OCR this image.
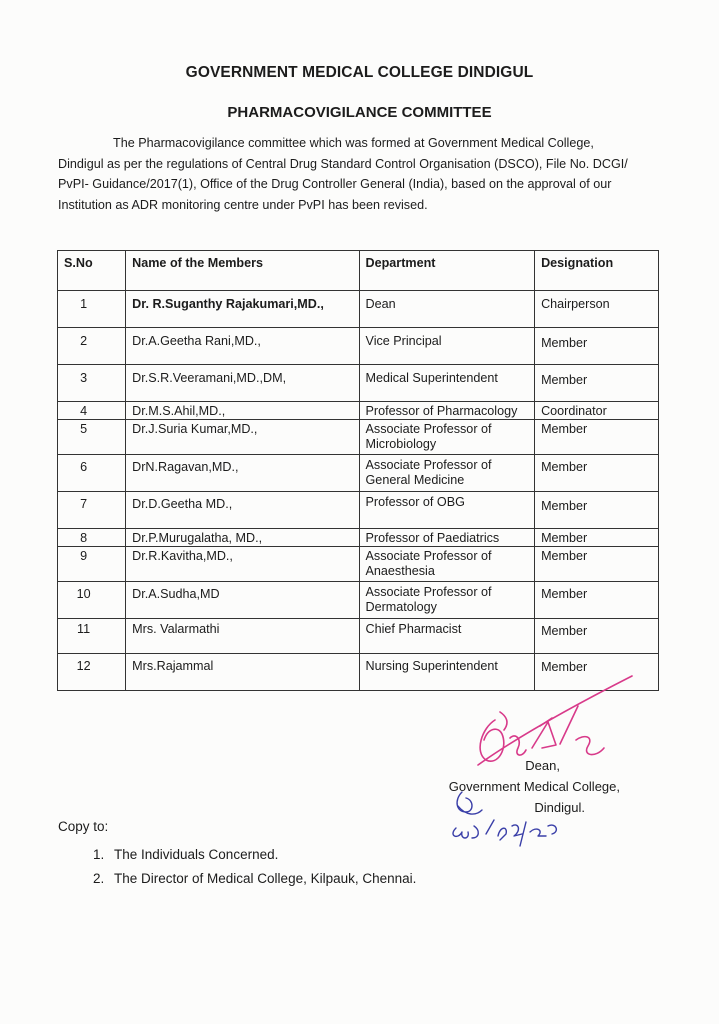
GOVERNMENT MEDICAL COLLEGE DINDIGUL
PHARMACOVIGILANCE COMMITTEE
The Pharmacovigilance committee which was formed at Government Medical College,
Dindigul as per the regulations of Central Drug Standard Control Organisation (DSCO), File No. DCGI/
PvPI- Guidance/2017(1), Office of the Drug Controller General (India), based on the approval of our
Institution as ADR monitoring centre under PvPI has been revised.
S.No	Name of the Members	Department	Designation
1	Dr. R.Suganthy Rajakumari,MD.,	Dean	Chairperson
2	Dr.A.Geetha Rani,MD.,	Vice Principal	Member
3	Dr.S.R.Veeramani,MD.,DM,	Medical Superintendent	Member
4	Dr.M.S.Ahil,MD.,	Professor of Pharmacology	Coordinator
5	Dr.J.Suria Kumar,MD.,	Associate Professor of Microbiology	Member
6	DrN.Ragavan,MD.,	Associate Professor of General Medicine	Member
7	Dr.D.Geetha MD.,	Professor of OBG	Member
8	Dr.P.Murugalatha, MD.,	Professor of Paediatrics	Member
9	Dr.R.Kavitha,MD.,	Associate Professor of Anaesthesia	Member
10	Dr.A.Sudha,MD	Associate Professor of Dermatology	Member
11	Mrs. Valarmathi	Chief Pharmacist	Member
12	Mrs.Rajammal	Nursing Superintendent	Member
Dean,
Government Medical College,
Dindigul.
Copy to:
1. The Individuals Concerned.
2. The Director of Medical College, Kilpauk, Chennai.
